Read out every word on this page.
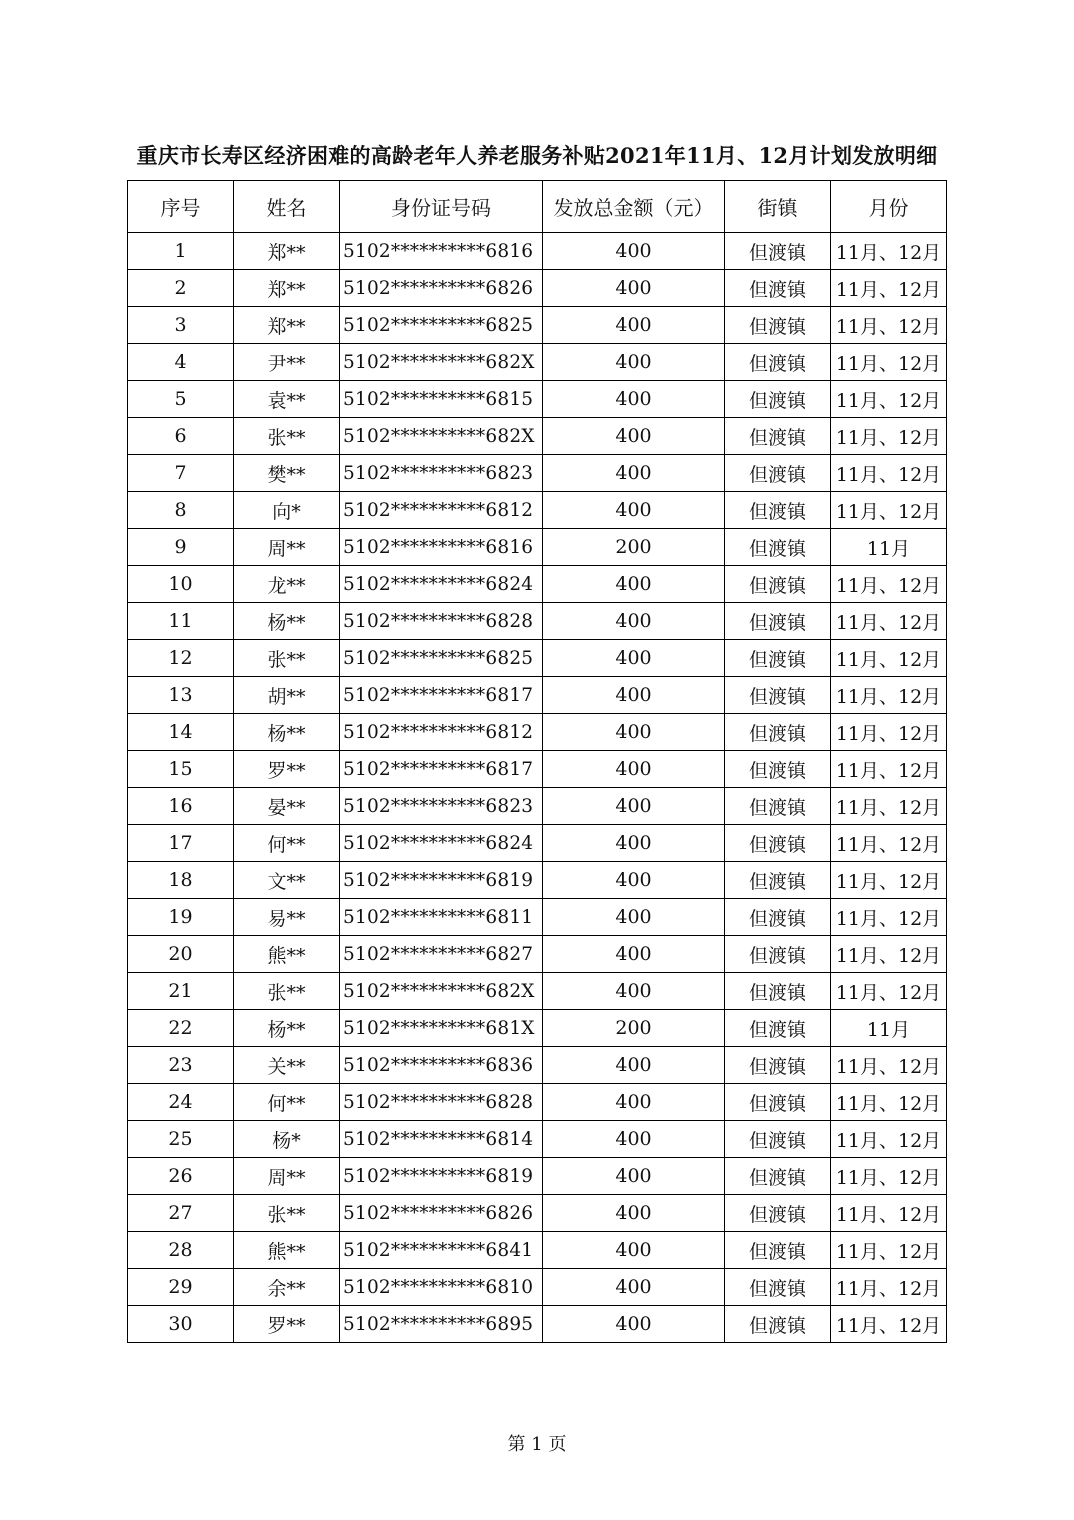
重庆市长寿区经济困难的高龄老年人养老服务补贴2021年11月、12月计划发放明细
序号	姓名	身份证号码	发放总金额（元）	街镇	月份
1	郑**	5102**********6816	400	但渡镇	11月、12月
2	郑**	5102**********6826	400	但渡镇	11月、12月
3	郑**	5102**********6825	400	但渡镇	11月、12月
4	尹**	5102**********682X	400	但渡镇	11月、12月
5	袁**	5102**********6815	400	但渡镇	11月、12月
6	张**	5102**********682X	400	但渡镇	11月、12月
7	樊**	5102**********6823	400	但渡镇	11月、12月
8	向*	5102**********6812	400	但渡镇	11月、12月
9	周**	5102**********6816	200	但渡镇	11月
10	龙**	5102**********6824	400	但渡镇	11月、12月
11	杨**	5102**********6828	400	但渡镇	11月、12月
12	张**	5102**********6825	400	但渡镇	11月、12月
13	胡**	5102**********6817	400	但渡镇	11月、12月
14	杨**	5102**********6812	400	但渡镇	11月、12月
15	罗**	5102**********6817	400	但渡镇	11月、12月
16	晏**	5102**********6823	400	但渡镇	11月、12月
17	何**	5102**********6824	400	但渡镇	11月、12月
18	文**	5102**********6819	400	但渡镇	11月、12月
19	易**	5102**********6811	400	但渡镇	11月、12月
20	熊**	5102**********6827	400	但渡镇	11月、12月
21	张**	5102**********682X	400	但渡镇	11月、12月
22	杨**	5102**********681X	200	但渡镇	11月
23	关**	5102**********6836	400	但渡镇	11月、12月
24	何**	5102**********6828	400	但渡镇	11月、12月
25	杨*	5102**********6814	400	但渡镇	11月、12月
26	周**	5102**********6819	400	但渡镇	11月、12月
27	张**	5102**********6826	400	但渡镇	11月、12月
28	熊**	5102**********6841	400	但渡镇	11月、12月
29	余**	5102**********6810	400	但渡镇	11月、12月
30	罗**	5102**********6895	400	但渡镇	11月、12月
第 1 页
